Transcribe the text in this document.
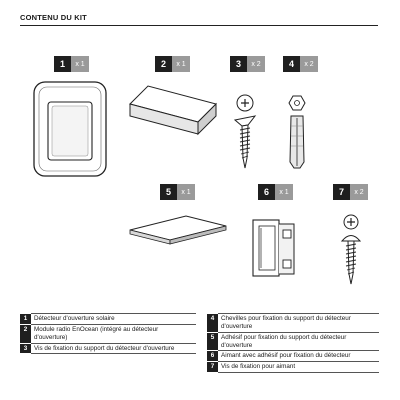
CONTENU DU KIT
1	x 1	2	x 1	3	x 2	4	x 2
5	x 1	6	x 1	7	x 2
1	Détecteur d'ouverture solaire
2	Module radio EnOcean (intégré au détecteur d'ouverture)
3	Vis de fixation du support du détecteur d'ouverture
4	Chevilles pour fixation du support du détecteur d'ouverture
5	Adhésif pour fixation du support du détecteur d'ouverture
6	Aimant avec adhésif pour fixation du détecteur
7	Vis de fixation pour aimant
